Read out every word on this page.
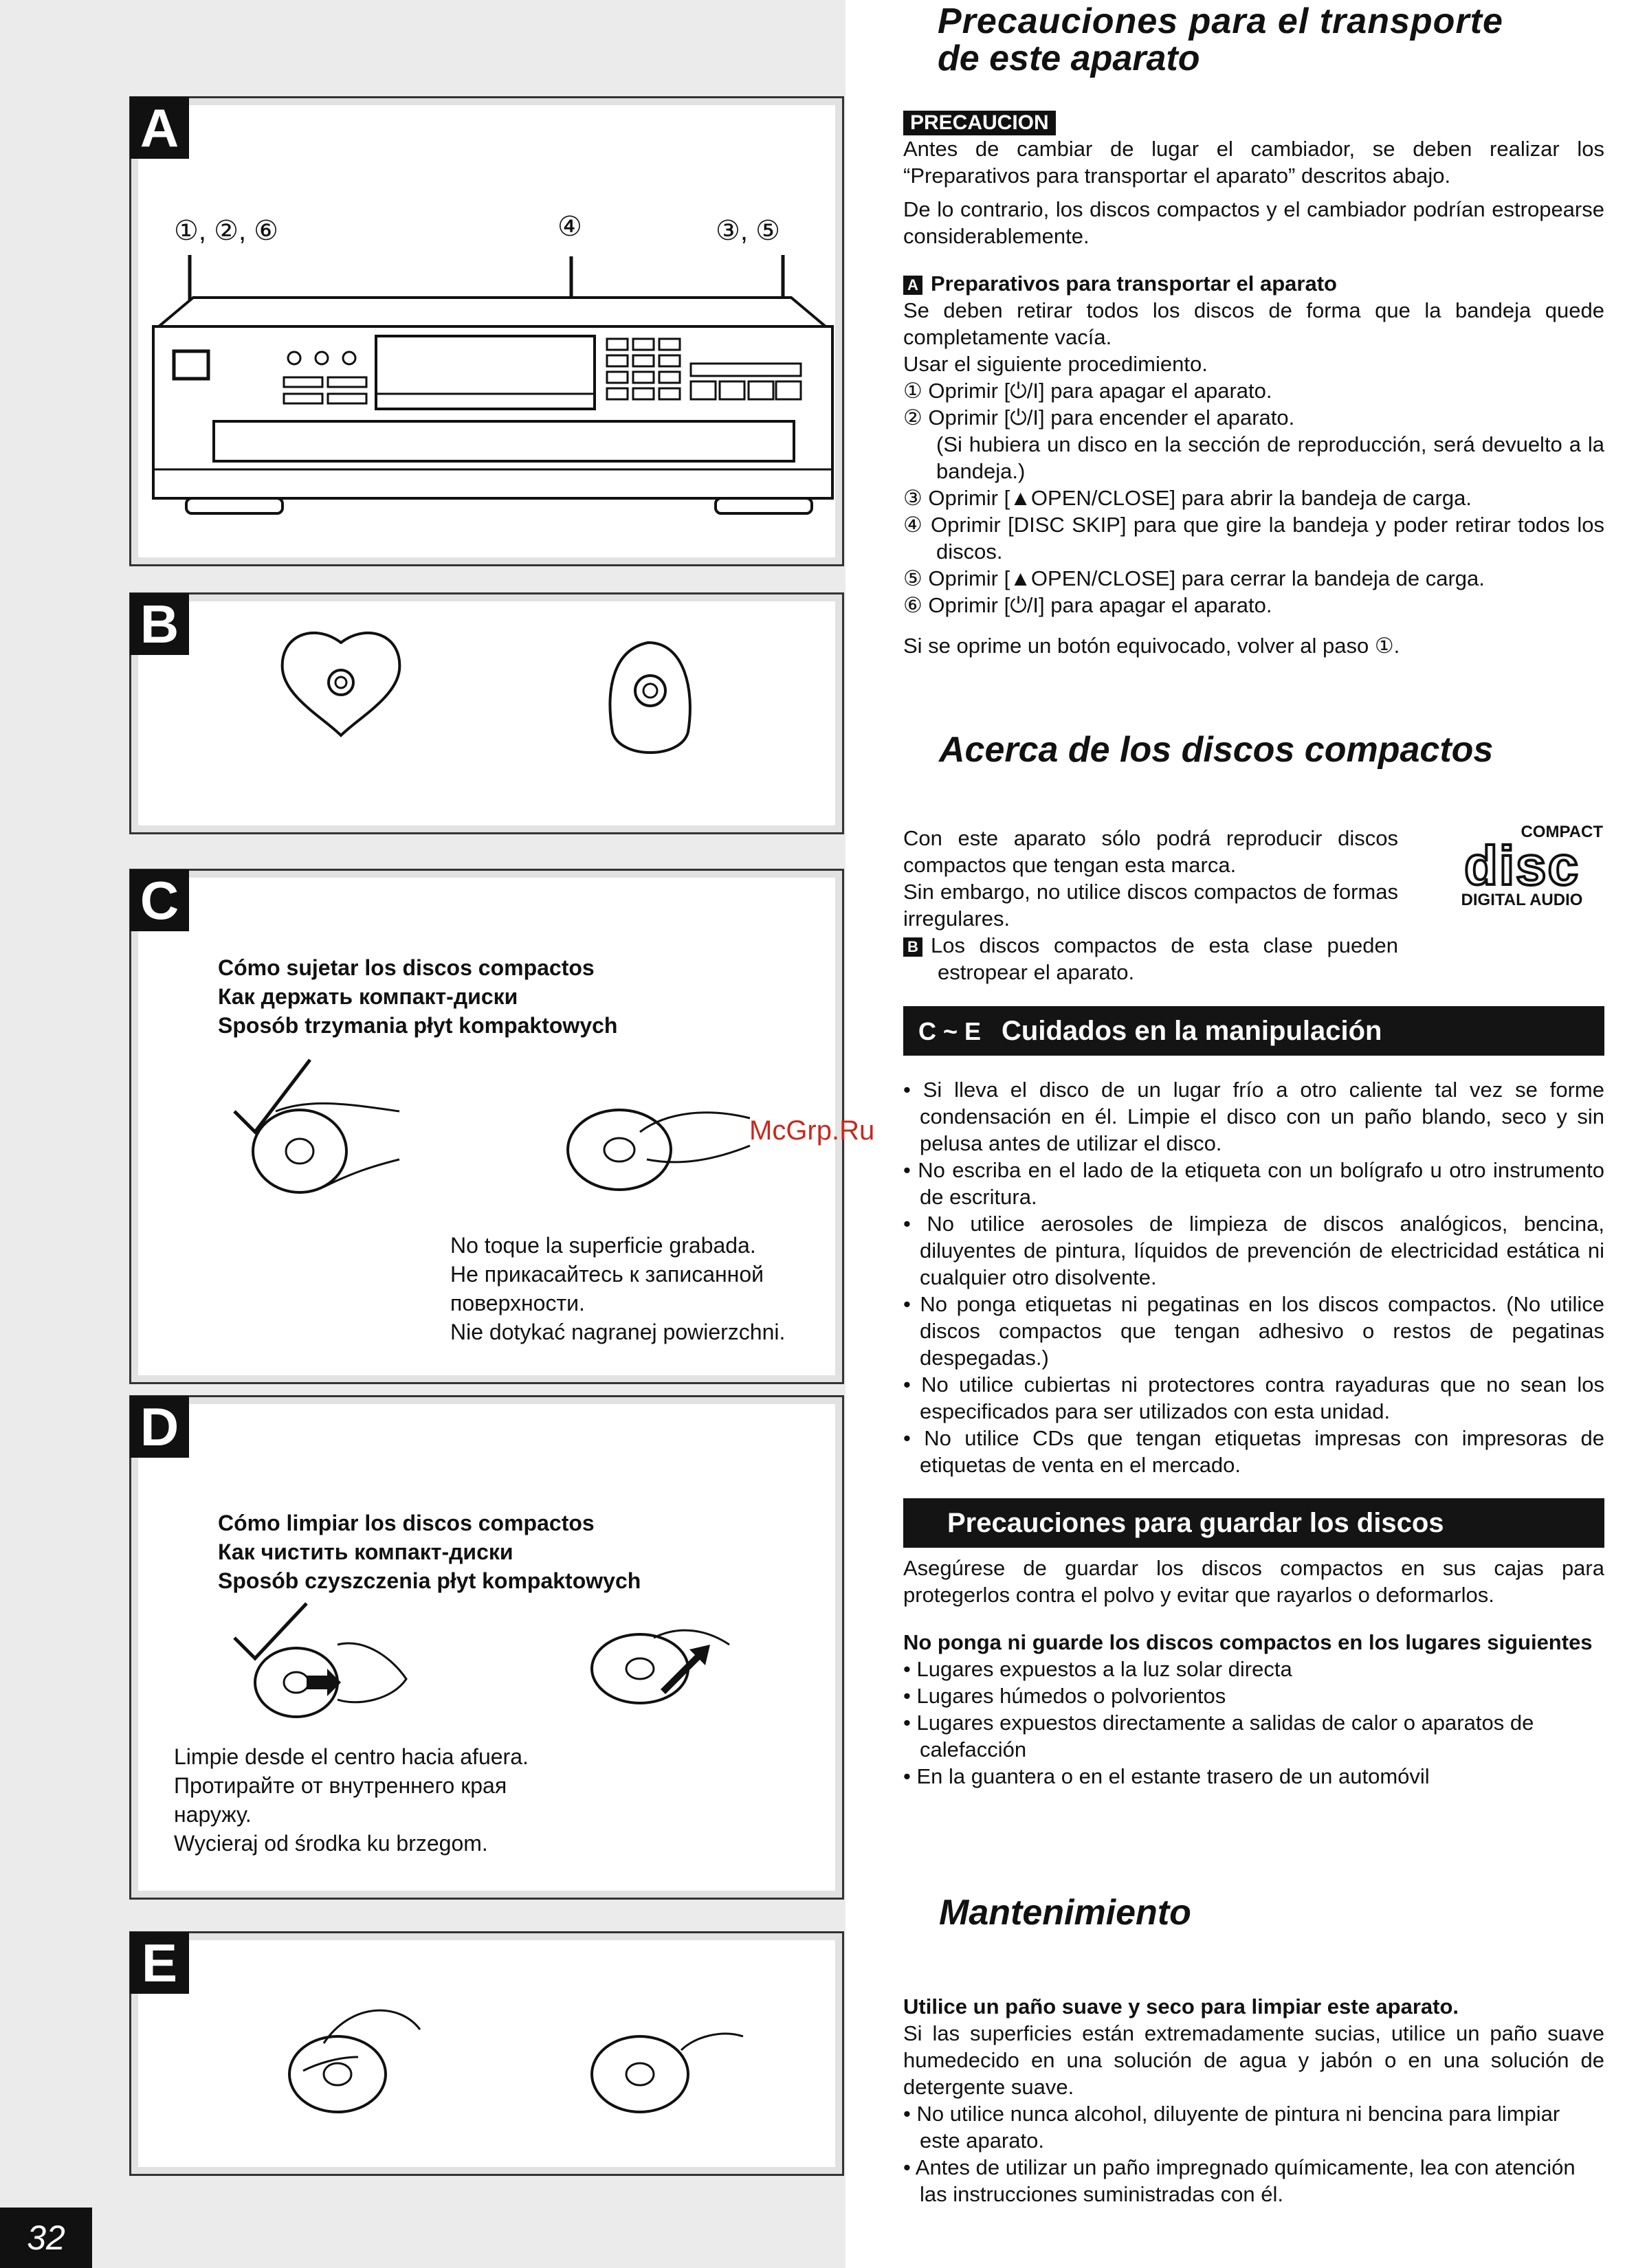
A
①, ②, ⑥	④	③, ⑤
B
C
Cómo sujetar los discos compactos
Как держать компакт-диски
Sposób trzymania płyt kompaktowych
No toque la superficie grabada.
Не прикасайтесь к записанной
поверхности.
Nie dotykać nagranej powierzchni.
D
Cómo limpiar los discos compactos
Как чистить компакт-диски
Sposób czyszczenia płyt kompaktowych
Limpie desde el centro hacia afuera.
Протирайте от внутреннего края
наружу.
Wycieraj od środka ku brzegom.
E
32
Precauciones para el transporte
de este aparato
PRECAUCION

Antes de cambiar de lugar el cambiador, se deben realizar los “Preparativos para transportar el aparato” descritos abajo.

De lo contrario, los discos compactos y el cambiador podrían estropearse considerablemente.

A Preparativos para transportar el aparato

Se deben retirar todos los discos de forma que la bandeja quede completamente vacía.

Usar el siguiente procedimiento.

① Oprimir [⏻/I] para apagar el aparato.
② Oprimir [⏻/I] para encender el aparato.
(Si hubiera un disco en la sección de reproducción, será devuelto a la bandeja.)
③ Oprimir [▲OPEN/CLOSE] para abrir la bandeja de carga.
④ Oprimir [DISC SKIP] para que gire la bandeja y poder retirar todos los discos.
⑤ Oprimir [▲OPEN/CLOSE] para cerrar la bandeja de carga.
⑥ Oprimir [⏻/I] para apagar el aparato.

Si se oprime un botón equivocado, volver al paso ①.

Acerca de los discos compactos

Con este aparato sólo podrá reproducir discos compactos que tengan esta marca.

Sin embargo, no utilice discos compactos de formas irregulares.

B Los discos compactos de esta clase pueden estropear el aparato.

COMPACT
disc
DIGITAL AUDIO
C ~ E Cuidados en la manipulación
• Si lleva el disco de un lugar frío a otro caliente tal vez se forme condensación en él. Limpie el disco con un paño blando, seco y sin pelusa antes de utilizar el disco.
• No escriba en el lado de la etiqueta con un bolígrafo u otro instrumento de escritura.
• No utilice aerosoles de limpieza de discos analógicos, bencina, diluyentes de pintura, líquidos de prevención de electricidad estática ni cualquier otro disolvente.
• No ponga etiquetas ni pegatinas en los discos compactos. (No utilice discos compactos que tengan adhesivo o restos de pegatinas despegadas.)
• No utilice cubiertas ni protectores contra rayaduras que no sean los especificados para ser utilizados con esta unidad.
• No utilice CDs que tengan etiquetas impresas con impresoras de etiquetas de venta en el mercado.
Precauciones para guardar los discos

Asegúrese de guardar los discos compactos en sus cajas para protegerlos contra el polvo y evitar que rayarlos o deformarlos.

No ponga ni guarde los discos compactos en los lugares siguientes

• Lugares expuestos a la luz solar directa
• Lugares húmedos o polvorientos
• Lugares expuestos directamente a salidas de calor o aparatos de calefacción
• En la guantera o en el estante trasero de un automóvil
Mantenimiento

Utilice un paño suave y seco para limpiar este aparato.

Si las superficies están extremadamente sucias, utilice un paño suave humedecido en una solución de agua y jabón o en una solución de detergente suave.

• No utilice nunca alcohol, diluyente de pintura ni bencina para limpiar este aparato.
• Antes de utilizar un paño impregnado químicamente, lea con atención las instrucciones suministradas con él.
McGrp.Ru
